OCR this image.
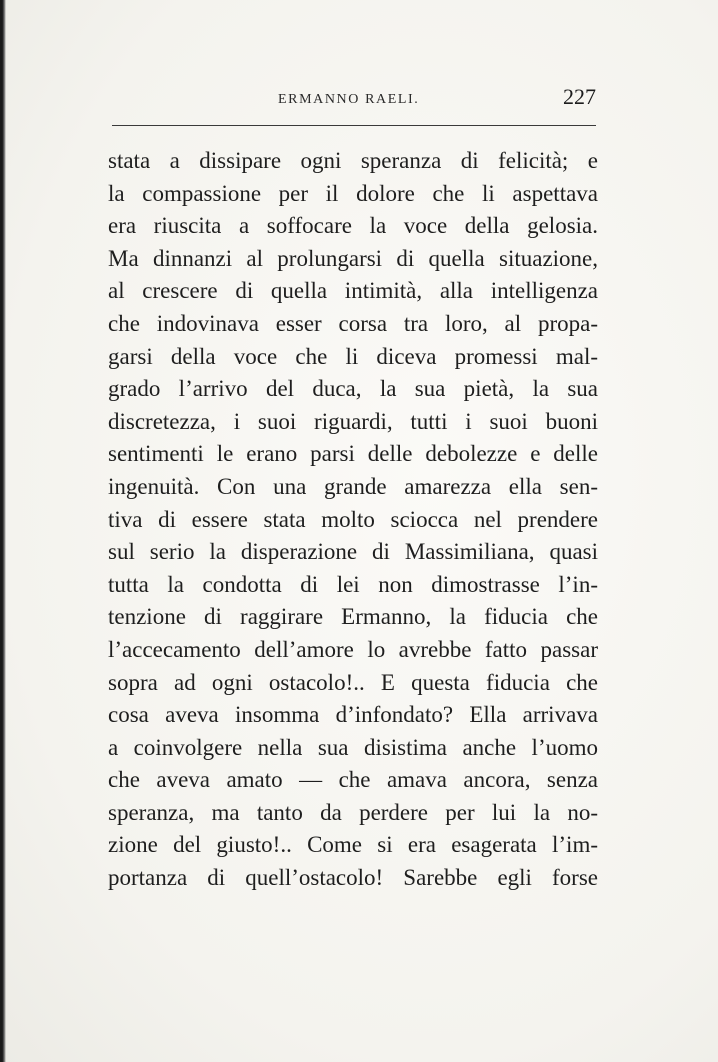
ERMANNO RAELI.	227
stata a dissipare ogni speranza di felicità; e
la compassione per il dolore che li aspettava
era riuscita a soffocare la voce della gelosia.
Ma dinnanzi al prolungarsi di quella situazione,
al crescere di quella intimità, alla intelligenza
che indovinava esser corsa tra loro, al propa-
garsi della voce che li diceva promessi mal-
grado l’arrivo del duca, la sua pietà, la sua
discretezza, i suoi riguardi, tutti i suoi buoni
sentimenti le erano parsi delle debolezze e delle
ingenuità. Con una grande amarezza ella sen-
tiva di essere stata molto sciocca nel prendere
sul serio la disperazione di Massimiliana, quasi
tutta la condotta di lei non dimostrasse l’in-
tenzione di raggirare Ermanno, la fiducia che
l’accecamento dell’amore lo avrebbe fatto passar
sopra ad ogni ostacolo!.. E questa fiducia che
cosa aveva insomma d’infondato? Ella arrivava
a coinvolgere nella sua disistima anche l’uomo
che aveva amato — che amava ancora, senza
speranza, ma tanto da perdere per lui la no-
zione del giusto!.. Come si era esagerata l’im-
portanza di quell’ostacolo! Sarebbe egli forse
